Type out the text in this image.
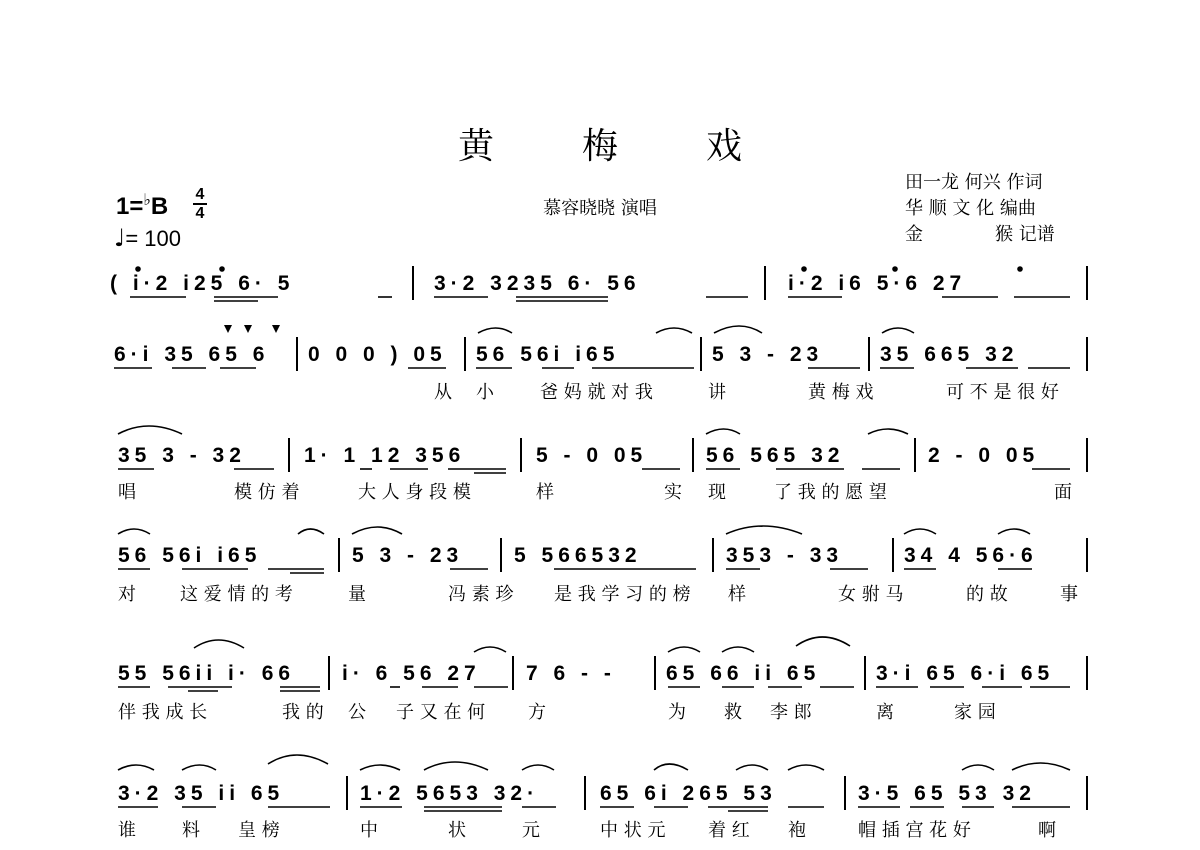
黄 梅 戏
慕容晓晓 演唱
田一龙 何兴 作词
华 顺 文 化 编曲
金　　　　猴 记谱
1=♭B 4
4
♩= 100
( i·2 i25 6· 5	3·2 3235 6· 56	i·2 i6 5·6 27
6·i 35 65 6 0 0 0 ) 05 56 56i i65	5 3 - 23	35 665 32
从 小	爸 妈 就 对 我	讲	黄 梅 戏	可 不 是 很 好
35 3 - 32	1· 1 12 356	5 - 0 05	56 565 32	2 - 0 05
唱	模 仿 着	大 人 身 段 模	样	实 现	了 我 的 愿 望	面
56 56i i65	5 3 - 23 5 566532	353 - 33	34 4 56·6
对 这 爱 情 的 考	量	冯 素 珍 是 我 学 习 的 榜 样	女 驸 马	的 故	事
55 56ii i· 66 i· 6 56 27 7 6 - - 65 66 ii 65	3·i 65 6·i 65
伴 我 成 长	我 的 公 子 又 在 何 方	为 救 李 郎	离	家 园
3·2 35 ii 65	1·2 5653 32·	65 6i 265 53	3·5 65 53 32
谁	料 皇 榜	中	状	元	中 状 元 着 红 袍	帽 插 宫 花 好	啊
